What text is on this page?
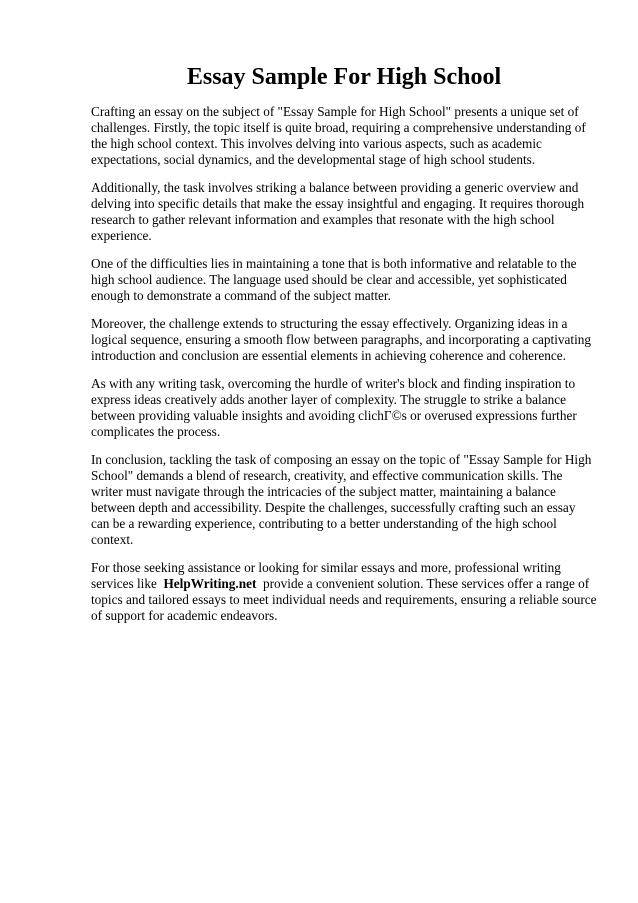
Essay Sample For High School

Crafting an essay on the subject of "Essay Sample for High School" presents a unique set of challenges. Firstly, the topic itself is quite broad, requiring a comprehensive understanding of the high school context. This involves delving into various aspects, such as academic expectations, social dynamics, and the developmental stage of high school students.

Additionally, the task involves striking a balance between providing a generic overview and delving into specific details that make the essay insightful and engaging. It requires thorough research to gather relevant information and examples that resonate with the high school experience.

One of the difficulties lies in maintaining a tone that is both informative and relatable to the high school audience. The language used should be clear and accessible, yet sophisticated enough to demonstrate a command of the subject matter.

Moreover, the challenge extends to structuring the essay effectively. Organizing ideas in a logical sequence, ensuring a smooth flow between paragraphs, and incorporating a captivating introduction and conclusion are essential elements in achieving coherence and coherence.

As with any writing task, overcoming the hurdle of writer's block and finding inspiration to express ideas creatively adds another layer of complexity. The struggle to strike a balance between providing valuable insights and avoiding clichГ©s or overused expressions further complicates the process.

In conclusion, tackling the task of composing an essay on the topic of "Essay Sample for High School" demands a blend of research, creativity, and effective communication skills. The writer must navigate through the intricacies of the subject matter, maintaining a balance between depth and accessibility. Despite the challenges, successfully crafting such an essay can be a rewarding experience, contributing to a better understanding of the high school context.

For those seeking assistance or looking for similar essays and more, professional writing services like HelpWriting.net provide a convenient solution. These services offer a range of topics and tailored essays to meet individual needs and requirements, ensuring a reliable source of support for academic endeavors.
